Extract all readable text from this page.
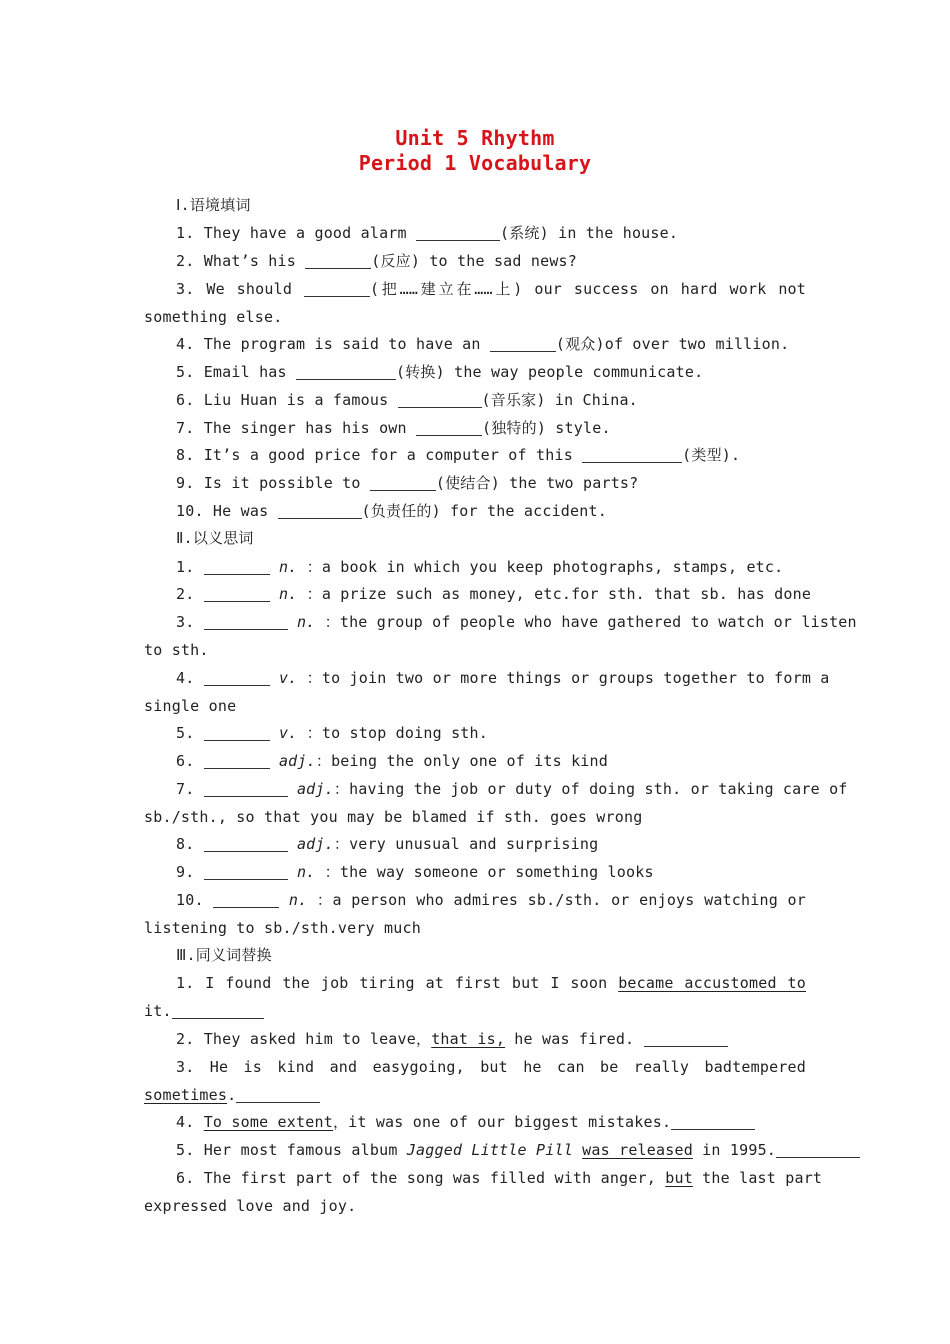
Unit 5 Rhythm
Period 1 Vocabulary
Ⅰ.语境填词
1. They have a good alarm	(系统) in the house.
2. What’s his	(反应) to the sad news?
3. We should	(把……建立在……上) our success on hard work not
something else.
4. The program is said to have an	(观众)of over two million.
5. Email has	(转换) the way people communicate.
6. Liu Huan is a famous	(音乐家) in China.
7. The singer has his own	(独特的) style.
8. It’s a good price for a computer of this	(类型).
9. Is it possible to	(使结合) the two parts?
10. He was	(负责任的) for the accident.
Ⅱ.以义思词
1.	n. ：a book in which you keep photographs, stamps, etc.
2.	n. ：a prize such as money, etc.for sth. that sb. has done
3.	n. ：the group of people who have gathered to watch or listen
to sth.
4.	v. ：to join two or more things or groups together to form a
single one
5.	v. ：to stop doing sth.
6.	adj.：being the only one of its kind
7.	adj.：having the job or duty of doing sth. or taking care of
sb./sth., so that you may be blamed if sth. goes wrong
8.	adj.：very unusual and surprising
9.	n. ：the way someone or something looks
10.	n. ：a person who admires sb./sth. or enjoys watching or
listening to sb./sth.very much
Ⅲ.同义词替换
1. I found the job tiring at first but I soon became accustomed to
it.
2. They asked him to leave，that is, he was fired.
3. He is kind and easygoing, but he can be really badtempered
sometimes.
4. To some extent，it was one of our biggest mistakes.
5. Her most famous album Jagged Little Pill was released in 1995.
6. The first part of the song was filled with anger, but the last part
expressed love and joy.
